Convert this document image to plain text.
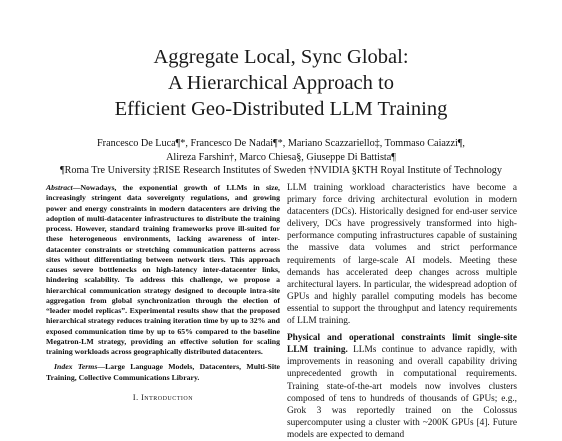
Aggregate Local, Sync Global:
A Hierarchical Approach to
Efficient Geo-Distributed LLM Training
Francesco De Luca¶*, Francesco De Nadai¶*, Mariano Scazzariello‡, Tommaso Caiazzi¶,
Alireza Farshin†, Marco Chiesa§, Giuseppe Di Battista¶
¶Roma Tre University ‡RISE Research Institutes of Sweden †NVIDIA §KTH Royal Institute of Technology
Abstract—Nowadays, the exponential growth of LLMs in size, increasingly stringent data sovereignty regulations, and growing power and energy constraints in modern datacenters are driving the adoption of multi-datacenter infrastructures to distribute the training process. However, standard training frameworks prove ill-suited for these heterogeneous environments, lacking awareness of inter-datacenter constraints or stretching communication patterns across sites without differentiating between network tiers. This approach causes severe bottlenecks on high-latency inter-datacenter links, hindering scalability. To address this challenge, we propose a hierarchical communication strategy designed to decouple intra-site aggregation from global synchronization through the election of “leader model replicas”. Experimental results show that the proposed hierarchical strategy reduces training iteration time by up to 32% and exposed communication time by up to 65% compared to the baseline Megatron-LM strategy, providing an effective solution for scaling training workloads across geographically distributed datacenters.
Index Terms—Large Language Models, Datacenters, Multi-Site Training, Collective Communications Library.
I. Introduction

LLM training workload characteristics have become a primary force driving architectural evolution in modern datacenters (DCs). Historically designed for end-user service delivery, DCs have progressively transformed into high-performance computing infrastructures capable of sustaining the massive data volumes and strict performance requirements of large-scale AI models. Meeting these demands has accelerated deep changes across multiple architectural layers. In particular, the widespread adoption of GPUs and highly parallel computing models has become essential to support the throughput and latency requirements of LLM training.

Physical and operational constraints limit single-site LLM training. LLMs continue to advance rapidly, with improvements in reasoning and overall capability driving unprecedented growth in computational requirements. Training state-of-the-art models now involves clusters composed of tens to hundreds of thousands of GPUs; e.g., Grok 3 was reportedly trained on the Colossus supercomputer using a cluster with ~200K GPUs [4]. Future models are expected to demand
